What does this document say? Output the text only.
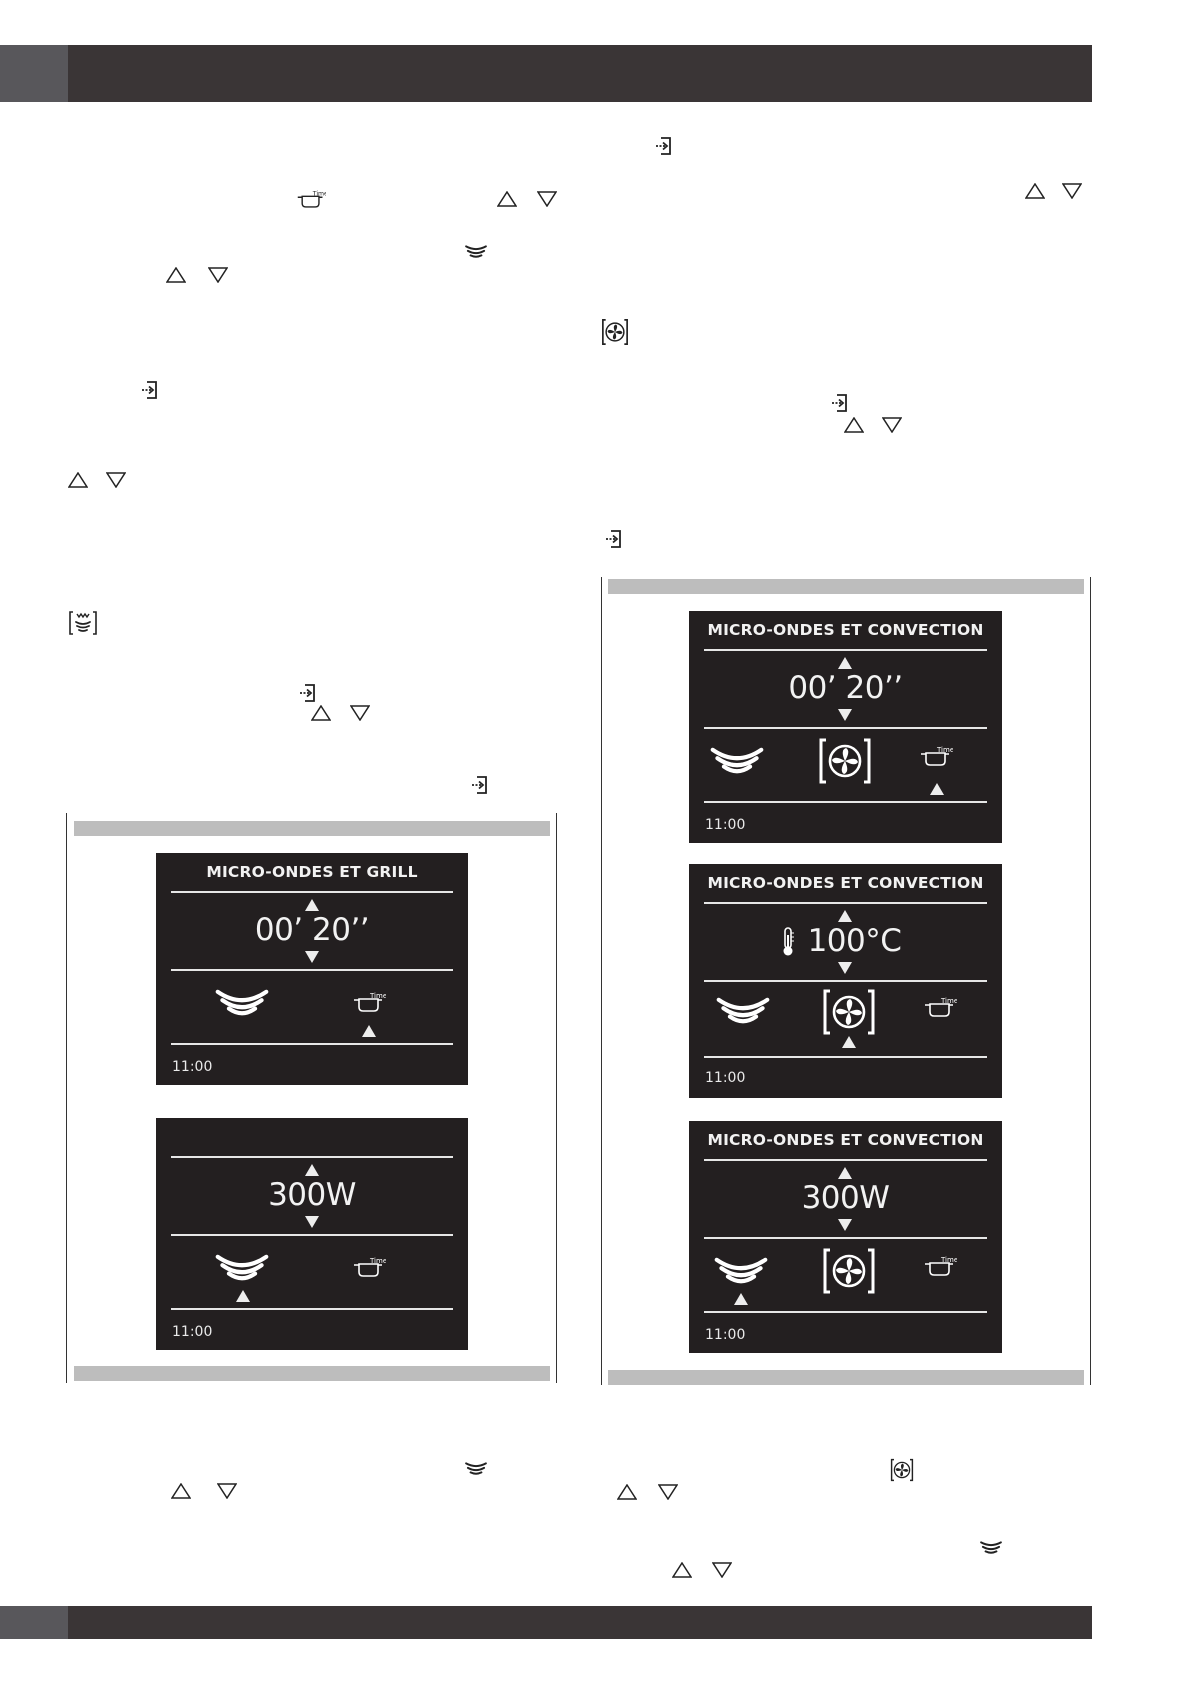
MICRO-ONDES ET GRILL
00’ 20’’
11:00
300W
11:00
MICRO-ONDES ET CONVECTION
00’ 20’’
11:00
MICRO-ONDES ET CONVECTION
100°C
11:00
MICRO-ONDES ET CONVECTION
300W
11:00
